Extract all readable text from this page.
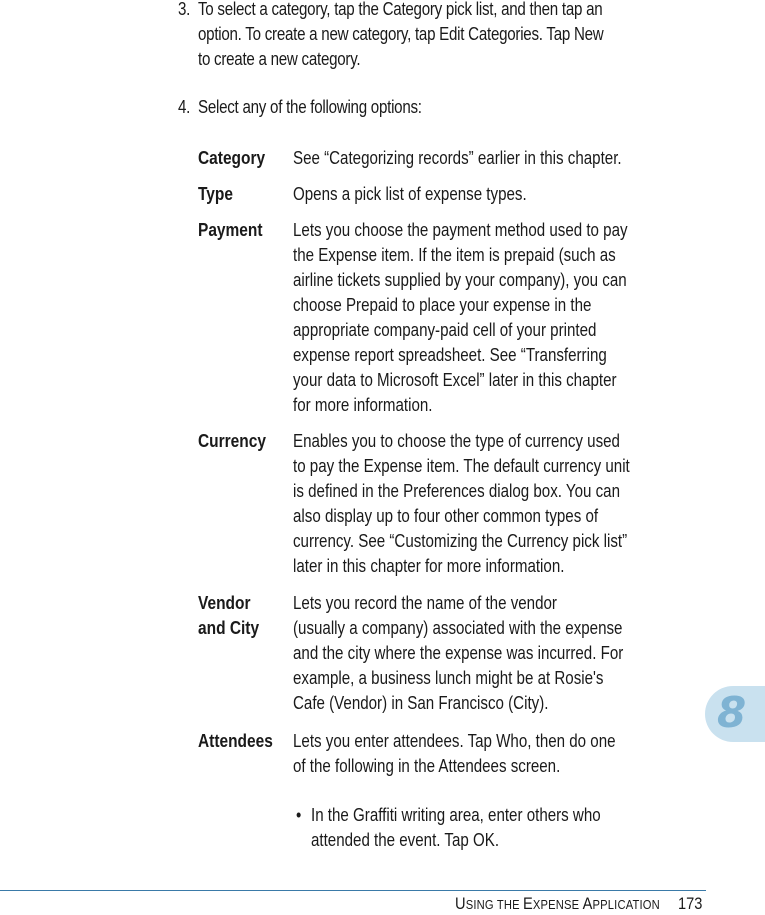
3. To select a category, tap the Category pick list, and then tap an
option. To create a new category, tap Edit Categories. Tap New
to create a new category.
4. Select any of the following options:
Category See “Categorizing records” earlier in this chapter.
Type	Opens a pick list of expense types.
Payment Lets you choose the payment method used to pay
the Expense item. If the item is prepaid (such as
airline tickets supplied by your company), you can
choose Prepaid to place your expense in the
appropriate company-paid cell of your printed
expense report spreadsheet. See “Transferring
your data to Microsoft Excel” later in this chapter
for more information.
Currency Enables you to choose the type of currency used
to pay the Expense item. The default currency unit
is defined in the Preferences dialog box. You can
also display up to four other common types of
currency. See “Customizing the Currency pick list”
later in this chapter for more information.
Vendor
and City
Lets you record the name of the vendor
(usually a company) associated with the expense
and the city where the expense was incurred. For
example, a business lunch might be at Rosie's
Cafe (Vendor) in San Francisco (City).
Attendees Lets you enter attendees. Tap Who, then do one
of the following in the Attendees screen.
• In the Graffiti writing area, enter others who
attended the event. Tap OK.
8
USING THE EXPENSE APPLICATION 173
